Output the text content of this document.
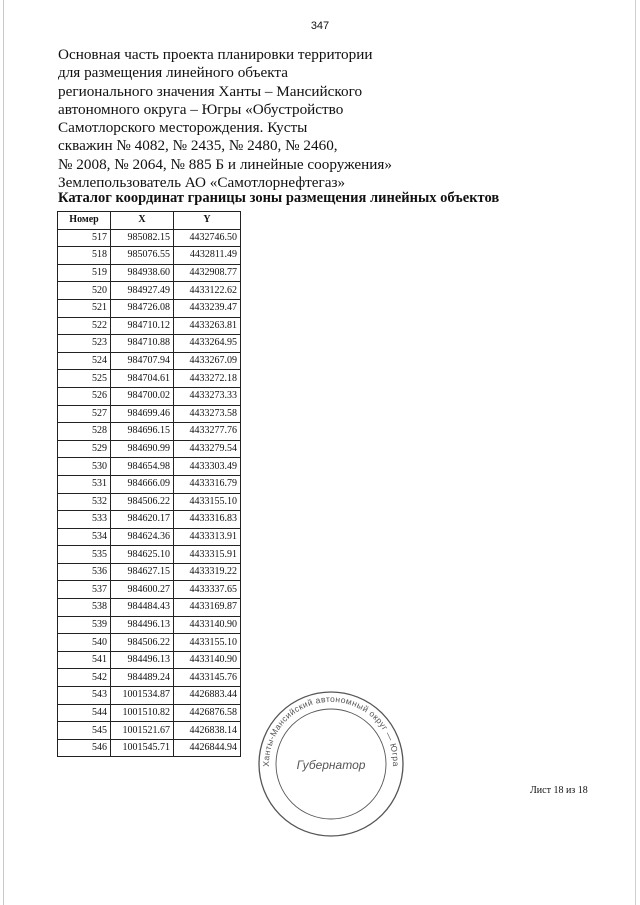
347
Основная часть проекта планировки территории
для размещения линейного объекта
регионального значения Ханты – Мансийского
автономного округа – Югры «Обустройство
Самотлорского месторождения. Кусты
скважин № 4082, № 2435, № 2480, № 2460,
№ 2008, № 2064, № 885 Б и линейные сооружения»
Землепользователь АО «Самотлорнефтегаз»
Каталог координат границы зоны размещения линейных объектов
Номер	X	Y
517	985082.15	4432746.50
518	985076.55	4432811.49
519	984938.60	4432908.77
520	984927.49	4433122.62
521	984726.08	4433239.47
522	984710.12	4433263.81
523	984710.88	4433264.95
524	984707.94	4433267.09
525	984704.61	4433272.18
526	984700.02	4433273.33
527	984699.46	4433273.58
528	984696.15	4433277.76
529	984690.99	4433279.54
530	984654.98	4433303.49
531	984666.09	4433316.79
532	984506.22	4433155.10
533	984620.17	4433316.83
534	984624.36	4433313.91
535	984625.10	4433315.91
536	984627.15	4433319.22
537	984600.27	4433337.65
538	984484.43	4433169.87
539	984496.13	4433140.90
540	984506.22	4433155.10
541	984496.13	4433140.90
542	984489.24	4433145.76
543	1001534.87	4426883.44
544	1001510.82	4426876.58
545	1001521.67	4426838.14
546	1001545.71	4426844.94
Ханты-Мансийский автономный округ — Югра
Губернатор
Лист 18 из 18
